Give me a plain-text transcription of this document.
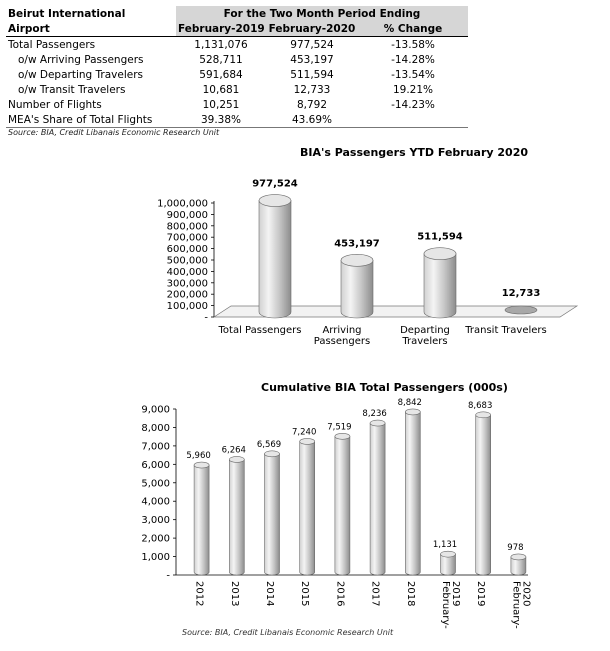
Beirut International	For the Two Month Period Ending		
Airport	February-2019	February-2020	% Change
Total Passengers	1,131,076	977,524	-13.58%
o/w Arriving Passengers	528,711	453,197	-14.28%
o/w Departing Travelers	591,684	511,594	-13.54%
o/w Transit Travelers	10,681	12,733	19.21%
Number of Flights	10,251	8,792	-14.23%
MEA's Share of Total Flights	39.38%	43.69%	
Source: BIA, Credit Libanais Economic Research Unit
BIA's Passengers YTD February 2020
-
100,000
200,000
300,000
400,000
500,000
600,000
700,000
800,000
900,000
1,000,000
977,524
Total Passengers
453,197
Arriving
Passengers
511,594
Departing
Travelers
12,733
Transit Travelers
Cumulative BIA Total Passengers (000s)
-
1,000
2,000
3,000
4,000
5,000
6,000
7,000
8,000
9,000
5,960
2012
6,264
2013
6,569
2014
7,240
2015
7,519
2016
8,236
2017
8,842
2018
1,131
February- 2019
8,683
2019
978
February- 2020
Source: BIA, Credit Libanais Economic Research Unit
